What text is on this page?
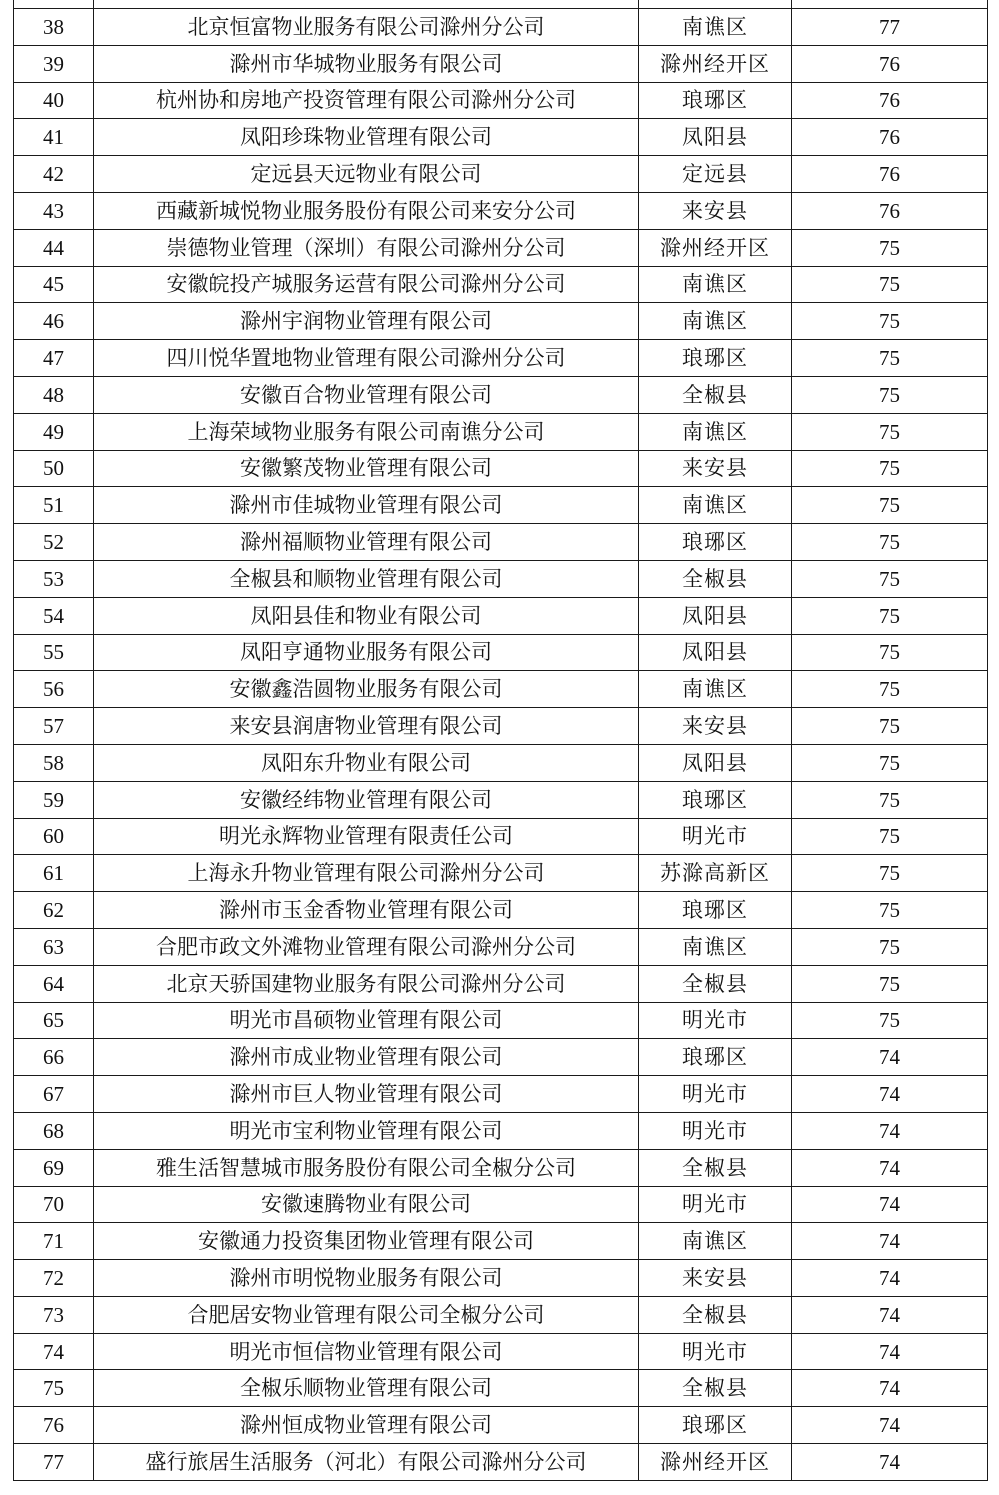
38	北京恒富物业服务有限公司滁州分公司	南谯区	77
39	滁州市华城物业服务有限公司	滁州经开区	76
40	杭州协和房地产投资管理有限公司滁州分公司	琅琊区	76
41	凤阳珍珠物业管理有限公司	凤阳县	76
42	定远县天远物业有限公司	定远县	76
43	西藏新城悦物业服务股份有限公司来安分公司	来安县	76
44	崇德物业管理（深圳）有限公司滁州分公司	滁州经开区	75
45	安徽皖投产城服务运营有限公司滁州分公司	南谯区	75
46	滁州宇润物业管理有限公司	南谯区	75
47	四川悦华置地物业管理有限公司滁州分公司	琅琊区	75
48	安徽百合物业管理有限公司	全椒县	75
49	上海荣域物业服务有限公司南谯分公司	南谯区	75
50	安徽繁茂物业管理有限公司	来安县	75
51	滁州市佳城物业管理有限公司	南谯区	75
52	滁州福顺物业管理有限公司	琅琊区	75
53	全椒县和顺物业管理有限公司	全椒县	75
54	凤阳县佳和物业有限公司	凤阳县	75
55	凤阳亨通物业服务有限公司	凤阳县	75
56	安徽鑫浩圆物业服务有限公司	南谯区	75
57	来安县润唐物业管理有限公司	来安县	75
58	凤阳东升物业有限公司	凤阳县	75
59	安徽经纬物业管理有限公司	琅琊区	75
60	明光永辉物业管理有限责任公司	明光市	75
61	上海永升物业管理有限公司滁州分公司	苏滁高新区	75
62	滁州市玉金香物业管理有限公司	琅琊区	75
63	合肥市政文外滩物业管理有限公司滁州分公司	南谯区	75
64	北京天骄国建物业服务有限公司滁州分公司	全椒县	75
65	明光市昌硕物业管理有限公司	明光市	75
66	滁州市成业物业管理有限公司	琅琊区	74
67	滁州市巨人物业管理有限公司	明光市	74
68	明光市宝利物业管理有限公司	明光市	74
69	雅生活智慧城市服务股份有限公司全椒分公司	全椒县	74
70	安徽速腾物业有限公司	明光市	74
71	安徽通力投资集团物业管理有限公司	南谯区	74
72	滁州市明悦物业服务有限公司	来安县	74
73	合肥居安物业管理有限公司全椒分公司	全椒县	74
74	明光市恒信物业管理有限公司	明光市	74
75	全椒乐顺物业管理有限公司	全椒县	74
76	滁州恒成物业管理有限公司	琅琊区	74
77	盛行旅居生活服务（河北）有限公司滁州分公司	滁州经开区	74
